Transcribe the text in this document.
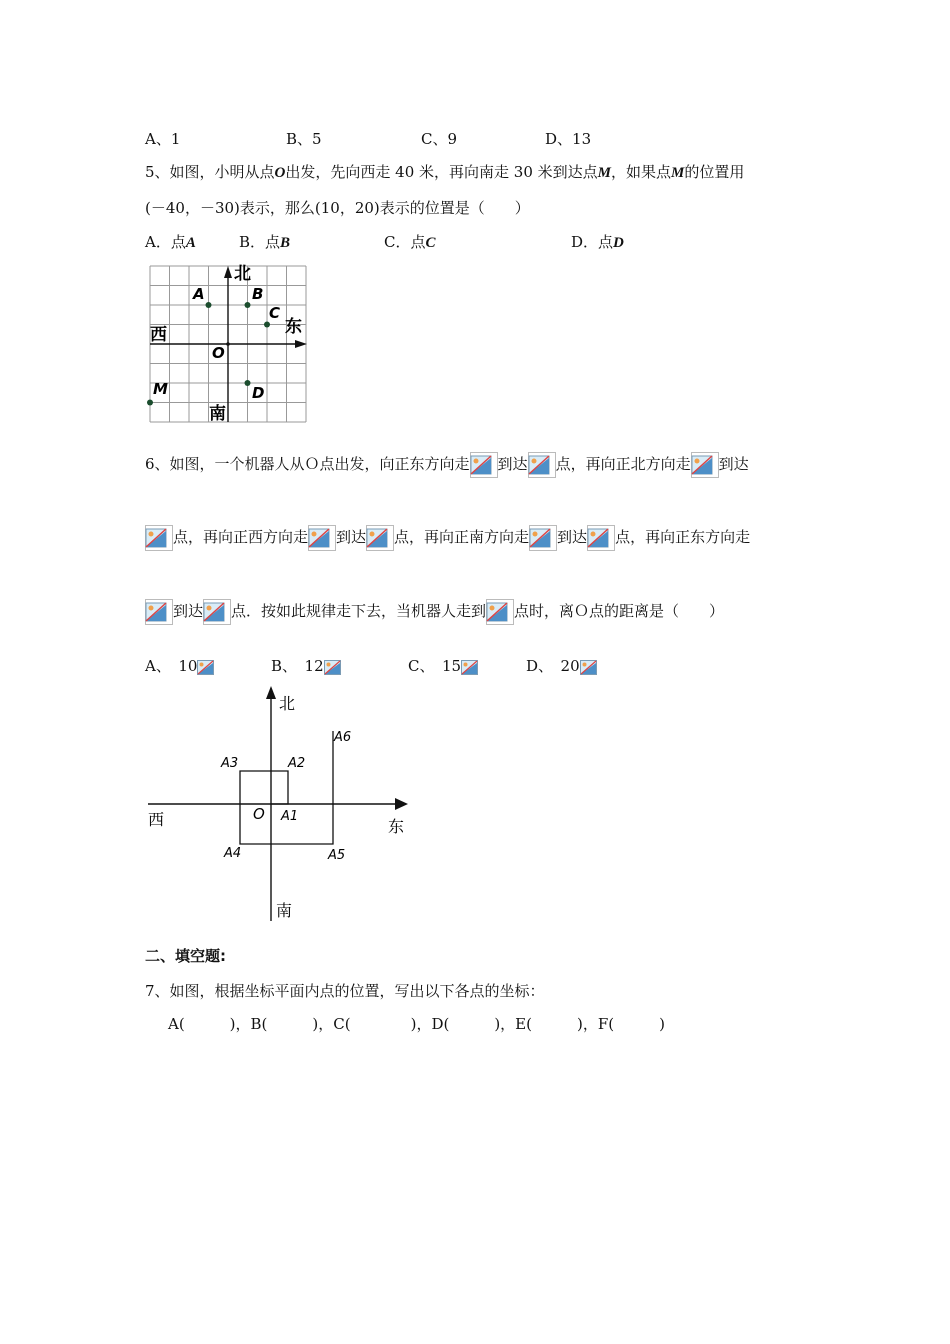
A、1	B、5	C、9	D、13
5、如图，小明从点O出发，先向西走 40 米，再向南走 30 米到达点M，如果点M的位置用
(－40，－30)表示，那么(10，20)表示的位置是（　　）
A．点A	B．点B	C．点C	D．点D
北
南
东
西
A	B
C
D
M
O
6、如图，一个机器人从Ｏ点出发，向正东方向走 到达 点，再向正北方向走 到达
点，再向正西方向走 到达 点，再向正南方向走 到达 点，再向正东方向走
到达 点．按如此规律走下去，当机器人走到 点时，离Ｏ点的距离是（　　）
A、　10	B、　12	C、　15	D、　20
北
南
东
西	O A1
A2
A3
A4	A5
A6
二、填空题:
7、如图，根据坐标平面内点的位置，写出以下各点的坐标：
A(　　　)，B(　　　)，C(　　　　)，D(　　　)，E(　　　)，F(　　　)
